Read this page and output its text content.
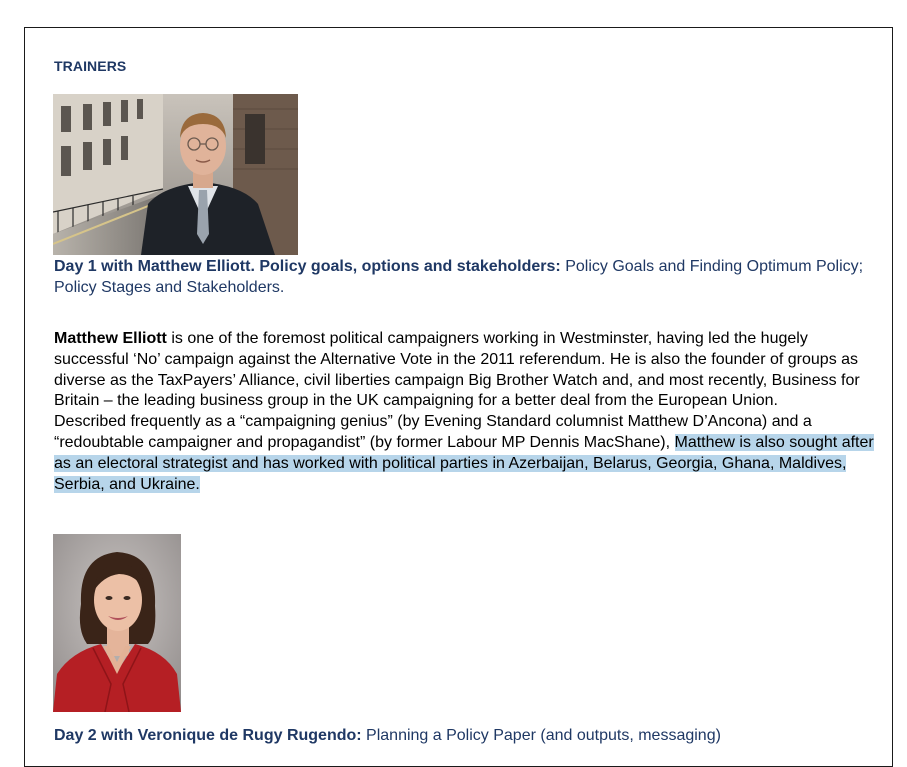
TRAINERS
Day 1 with Matthew Elliott. Policy goals, options and stakeholders: Policy Goals and Finding Optimum Policy; Policy Stages and Stakeholders.

Matthew Elliott is one of the foremost political campaigners working in Westminster, having led the hugely successful ‘No’ campaign against the Alternative Vote in the 2011 referendum. He is also the founder of groups as diverse as the TaxPayers’ Alliance, civil liberties campaign Big Brother Watch and, and most recently, Business for Britain – the leading business group in the UK campaigning for a better deal from the European Union.

Described frequently as a “campaigning genius” (by Evening Standard columnist Matthew D’Ancona) and a “redoubtable campaigner and propagandist” (by former Labour MP Dennis MacShane), Matthew is also sought after as an electoral strategist and has worked with political parties in Azerbaijan, Belarus, Georgia, Ghana, Maldives, Serbia, and Ukraine.

Day 2 with Veronique de Rugy Rugendo: Planning a Policy Paper (and outputs, messaging)
